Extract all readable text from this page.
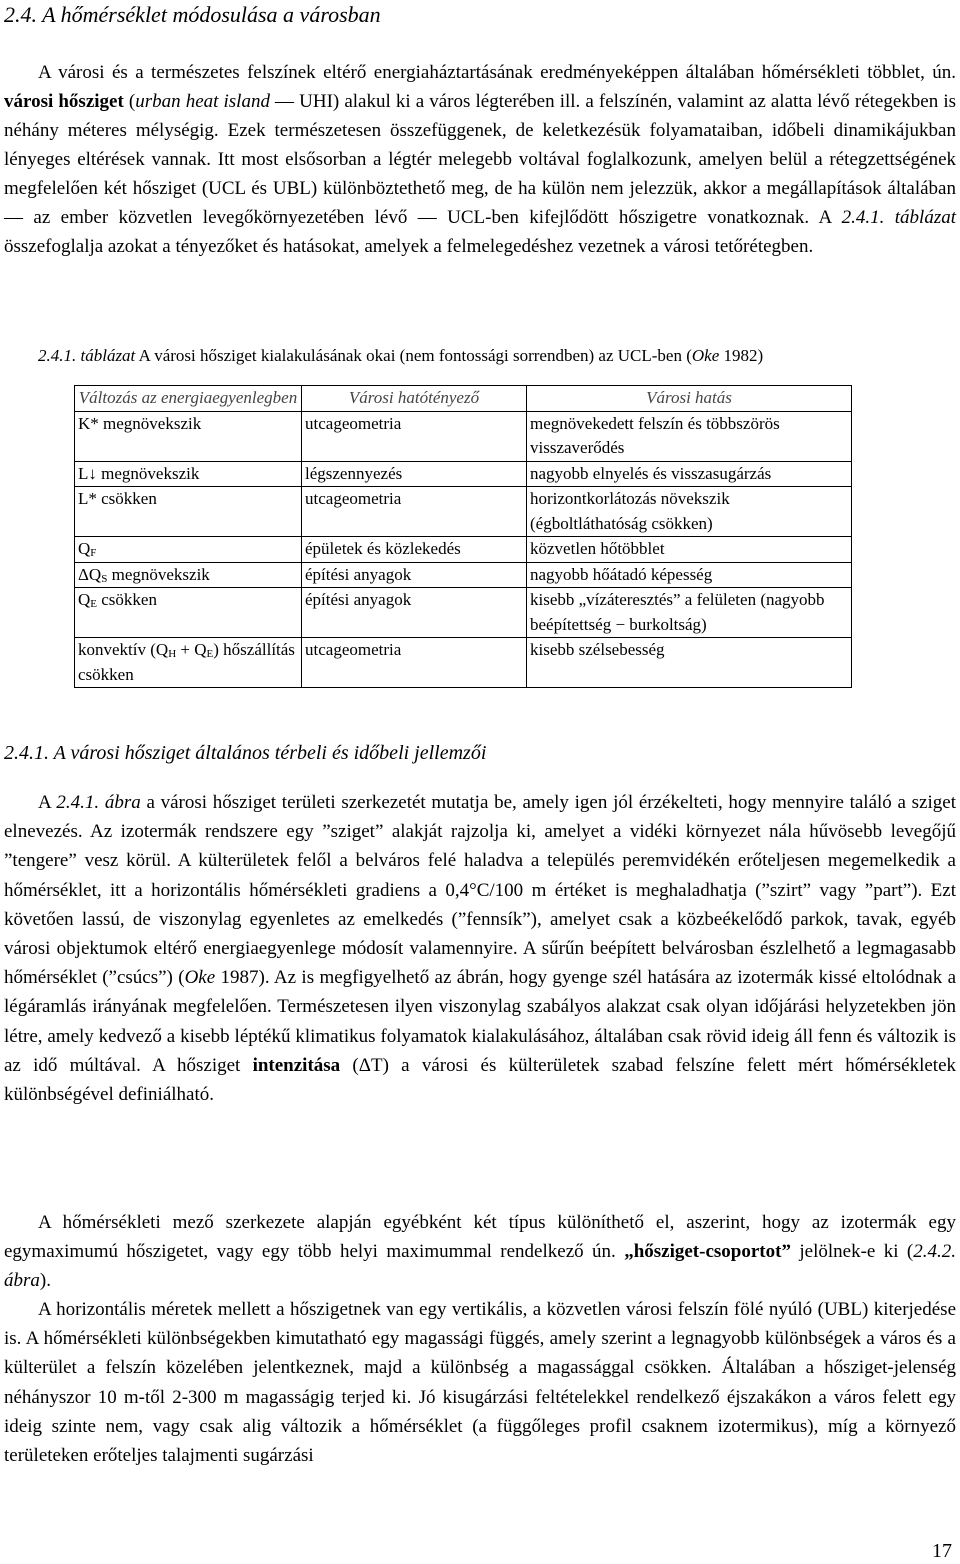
2.4. A hőmérséklet módosulása a városban

A városi és a természetes felszínek eltérő energiaháztartásának eredményeképpen általában hőmérsékleti többlet, ún. városi hősziget (urban heat island — UHI) alakul ki a város légterében ill. a felszínén, valamint az alatta lévő rétegekben is néhány méteres mélységig. Ezek természetesen összefüggenek, de keletkezésük folyamataiban, időbeli dinamikájukban lényeges eltérések vannak. Itt most elsősorban a légtér melegebb voltával foglalkozunk, amelyen belül a rétegzettségének megfelelően két hősziget (UCL és UBL) különböztethető meg, de ha külön nem jelezzük, akkor a megállapítások általában — az ember közvetlen levegőkörnyezetében lévő — UCL-ben kifejlődött hőszigetre vonatkoznak. A 2.4.1. táblázat összefoglalja azokat a tényezőket és hatásokat, amelyek a felmelegedéshez vezetnek a városi tetőrétegben.

2.4.1. táblázat A városi hősziget kialakulásának okai (nem fontossági sorrendben) az UCL-ben (Oke 1982)
Változás az energiaegyenlegben	Városi hatótényező	Városi hatás
K* megnövekszik	utcageometria	megnövekedett felszín és többszörös visszaverődés
L↓ megnövekszik	légszennyezés	nagyobb elnyelés és visszasugárzás
L* csökken	utcageometria	horizontkorlátozás növekszik (égboltláthatóság csökken)
$Q_F$	épületek és közlekedés	közvetlen hőtöbblet
$\Delta Q_S$ megnövekszik	építési anyagok	nagyobb hőátadó képesség
$Q_E$ csökken	építési anyagok	kisebb „vízáteresztés” a felületen (nagyobb beépítettség − burkoltság)
konvektív $(Q_H + Q_E)$ hőszállítás csökken	utcageometria	kisebb szélsebesség
2.4.1. A városi hősziget általános térbeli és időbeli jellemzői

A 2.4.1. ábra a városi hősziget területi szerkezetét mutatja be, amely igen jól érzékelteti, hogy mennyire találó a sziget elnevezés. Az izotermák rendszere egy ”sziget” alakját rajzolja ki, amelyet a vidéki környezet nála hűvösebb levegőjű ”tengere” vesz körül. A külterületek felől a belváros felé haladva a település peremvidékén erőteljesen megemelkedik a hőmérséklet, itt a horizontális hőmérsékleti gradiens a 0,4°C/100 m értéket is meghaladhatja (”szirt” vagy ”part”). Ezt követően lassú, de viszonylag egyenletes az emelkedés (”fennsík”), amelyet csak a közbeékelődő parkok, tavak, egyéb városi objektumok eltérő energiaegyenlege módosít valamennyire. A sűrűn beépített belvárosban észlelhető a legmagasabb hőmérséklet (”csúcs”) (Oke 1987). Az is megfigyelhető az ábrán, hogy gyenge szél hatására az izotermák kissé eltolódnak a légáramlás irányának megfelelően. Természetesen ilyen viszonylag szabályos alakzat csak olyan időjárási helyzetekben jön létre, amely kedvező a kisebb léptékű klimatikus folyamatok kialakulásához, általában csak rövid ideig áll fenn és változik is az idő múltával. A hősziget intenzitása (ΔT) a városi és külterületek szabad felszíne felett mért hőmérsékletek különbségével definiálható.

A hőmérsékleti mező szerkezete alapján egyébként két típus különíthető el, aszerint, hogy az izotermák egy egymaximumú hőszigetet, vagy egy több helyi maximummal rendelkező ún. „hősziget-csoportot” jelölnek-e ki (2.4.2. ábra).

A horizontális méretek mellett a hőszigetnek van egy vertikális, a közvetlen városi felszín fölé nyúló (UBL) kiterjedése is. A hőmérsékleti különbségekben kimutatható egy magassági függés, amely szerint a legnagyobb különbségek a város és a külterület a felszín közelében jelentkeznek, majd a különbség a magassággal csökken. Általában a hősziget-jelenség néhányszor 10 m-től 2-300 m magasságig terjed ki. Jó kisugárzási feltételekkel rendelkező éjszakákon a város felett egy ideig szinte nem, vagy csak alig változik a hőmérséklet (a függőleges profil csaknem izotermikus), míg a környező területeken erőteljes talajmenti sugárzási

17
